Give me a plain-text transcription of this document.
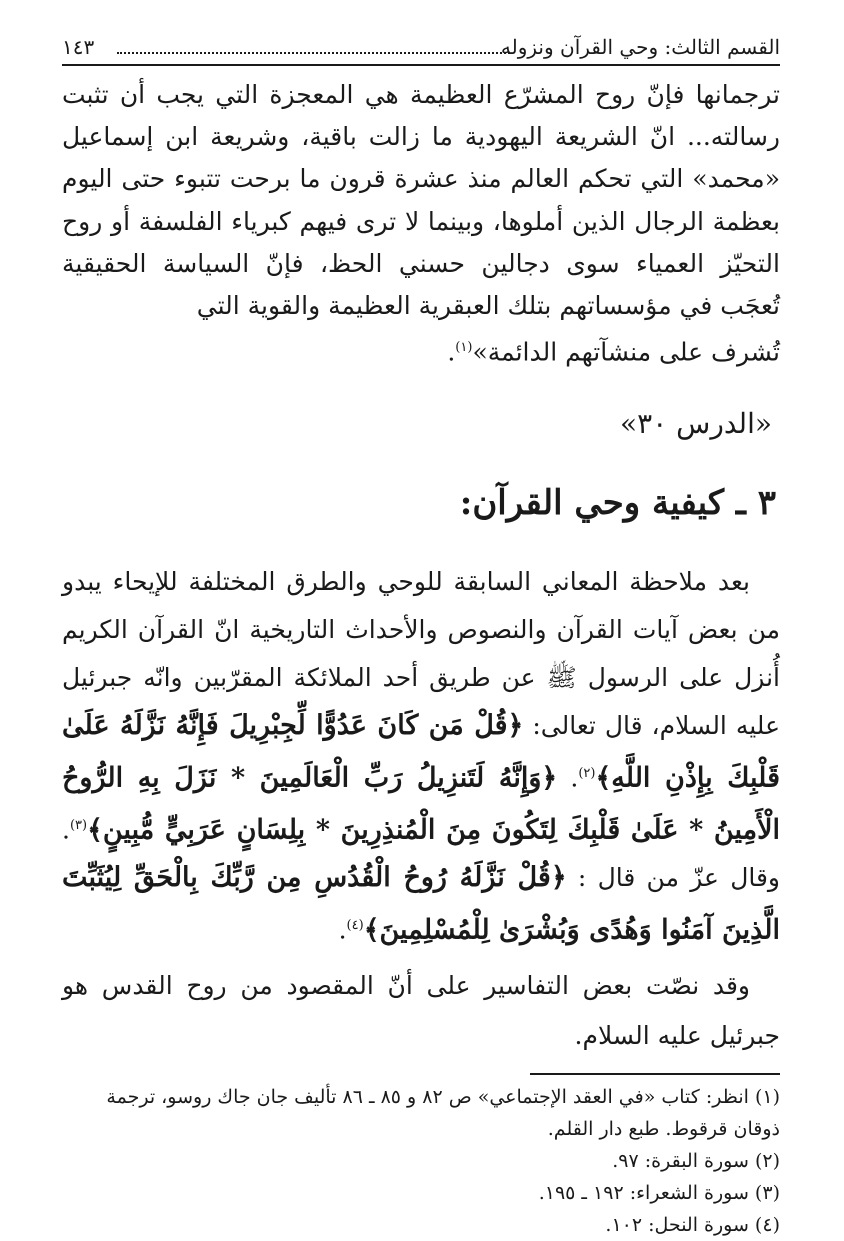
القسم الثالث: وحي القرآن ونزوله
١٤٣

ترجمانها فإنّ روح المشرّع العظيمة هي المعجزة التي يجب أن تثبت رسالته... انّ الشريعة اليهودية ما زالت باقية، وشريعة ابن إسماعيل «محمد» التي تحكم العالم منذ عشرة قرون ما برحت تتبوء حتى اليوم بعظمة الرجال الذين أملوها، وبينما لا ترى فيهم كبرياء الفلسفة أو روح التحيّز العمياء سوى دجالين حسني الحظ، فإنّ السياسة الحقيقية تُعجَب في مؤسساتهم بتلك العبقرية العظيمة والقوية التي
تُشرف على منشآتهم الدائمة»$^{(١)}$.

«الدرس ٣٠»
٣ ـ كيفية وحي القرآن:

بعد ملاحظة المعاني السابقة للوحي والطرق المختلفة للإيحاء يبدو من بعض آيات القرآن والنصوص والأحداث التاريخية انّ القرآن الكريم أُنزل على الرسول ﷺ عن طريق أحد الملائكة المقرّبين وانّه جبرئيل عليه السلام، قال تعالى: ﴿قُلْ مَن كَانَ عَدُوًّا لِّجِبْرِيلَ فَإِنَّهُ نَزَّلَهُ عَلَىٰ قَلْبِكَ بِإِذْنِ اللَّهِ﴾$^{(٢)}$. ﴿وَإِنَّهُ لَتَنزِيلُ رَبِّ الْعَالَمِينَ * نَزَلَ بِهِ الرُّوحُ الْأَمِينُ * عَلَىٰ قَلْبِكَ لِتَكُونَ مِنَ الْمُنذِرِينَ * بِلِسَانٍ عَرَبِيٍّ مُّبِينٍ﴾$^{(٣)}$. وقال عزّ من قال : ﴿قُلْ نَزَّلَهُ رُوحُ الْقُدُسِ مِن رَّبِّكَ بِالْحَقِّ لِيُثَبِّتَ الَّذِينَ آمَنُوا وَهُدًى وَبُشْرَىٰ لِلْمُسْلِمِينَ﴾$^{(٤)}$.

وقد نصّت بعض التفاسير على أنّ المقصود من روح القدس هو جبرئيل عليه السلام.

(١) انظر: كتاب «في العقد الإجتماعي» ص ٨٢ و ٨٥ ـ ٨٦ تأليف جان جاك روسو، ترجمة ذوقان قرقوط. طبع دار القلم.
(٢) سورة البقرة: ٩٧.
(٣) سورة الشعراء: ١٩٢ ـ ١٩٥.
(٤) سورة النحل: ١٠٢.
